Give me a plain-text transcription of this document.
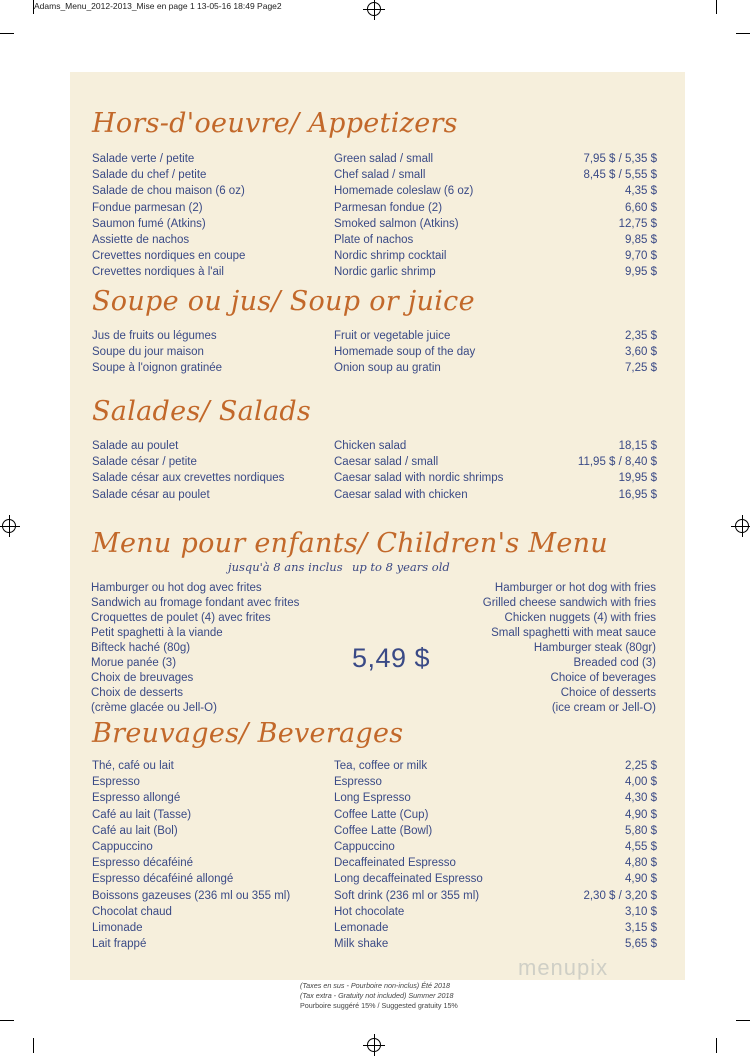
Adams_Menu_2012-2013_Mise en page 1 13-05-16 18:49 Page2
Hors-d'oeuvre/ Appetizers
Salade verte / petite	Green salad / small	7,95 $ / 5,35 $
Salade du chef / petite	Chef salad / small	8,45 $ / 5,55 $
Salade de chou maison (6 oz)	Homemade coleslaw (6 oz)	4,35 $
Fondue parmesan (2)	Parmesan fondue (2)	6,60 $
Saumon fumé (Atkins)	Smoked salmon (Atkins)	12,75 $
Assiette de nachos	Plate of nachos	9,85 $
Crevettes nordiques en coupe	Nordic shrimp cocktail	9,70 $
Crevettes nordiques à l'ail	Nordic garlic shrimp	9,95 $
Soupe ou jus/ Soup or juice
Jus de fruits ou légumes	Fruit or vegetable juice	2,35 $
Soupe du jour maison	Homemade soup of the day	3,60 $
Soupe à l'oignon gratinée	Onion soup au gratin	7,25 $
Salades/ Salads
Salade au poulet	Chicken salad	18,15 $
Salade césar / petite	Caesar salad / small	11,95 $ / 8,40 $
Salade césar aux crevettes nordiques	Caesar salad with nordic shrimps	19,95 $
Salade césar au poulet	Caesar salad with chicken	16,95 $
Menu pour enfants/ Children's Menu
jusqu'à 8 ans inclus up to 8 years old
Hamburger ou hot dog avec frites
Sandwich au fromage fondant avec frites
Croquettes de poulet (4) avec frites
Petit spaghetti à la viande
Bifteck haché (80g)
Morue panée (3)
Choix de breuvages
Choix de desserts
(crème glacée ou Jell-O)
Hamburger or hot dog with fries
Grilled cheese sandwich with fries
Chicken nuggets (4) with fries
Small spaghetti with meat sauce
Hamburger steak (80gr)
Breaded cod (3)
Choice of beverages
Choice of desserts
(ice cream or Jell-O)
5,49 $
Breuvages/ Beverages
Thé, café ou lait	Tea, coffee or milk	2,25 $
Espresso	Espresso	4,00 $
Espresso allongé	Long Espresso	4,30 $
Café au lait (Tasse)	Coffee Latte (Cup)	4,90 $
Café au lait (Bol)	Coffee Latte (Bowl)	5,80 $
Cappuccino	Cappuccino	4,55 $
Espresso décaféiné	Decaffeinated Espresso	4,80 $
Espresso décaféiné allongé	Long decaffeinated Espresso	4,90 $
Boissons gazeuses (236 ml ou 355 ml)	Soft drink (236 ml or 355 ml)	2,30 $ / 3,20 $
Chocolat chaud	Hot chocolate	3,10 $
Limonade	Lemonade	3,15 $
Lait frappé	Milk shake	5,65 $
(Taxes en sus - Pourboire non-inclus) Été 2018
(Tax extra - Gratuity not included) Summer 2018
Pourboire suggéré 15% / Suggested gratuity 15%
menupix
